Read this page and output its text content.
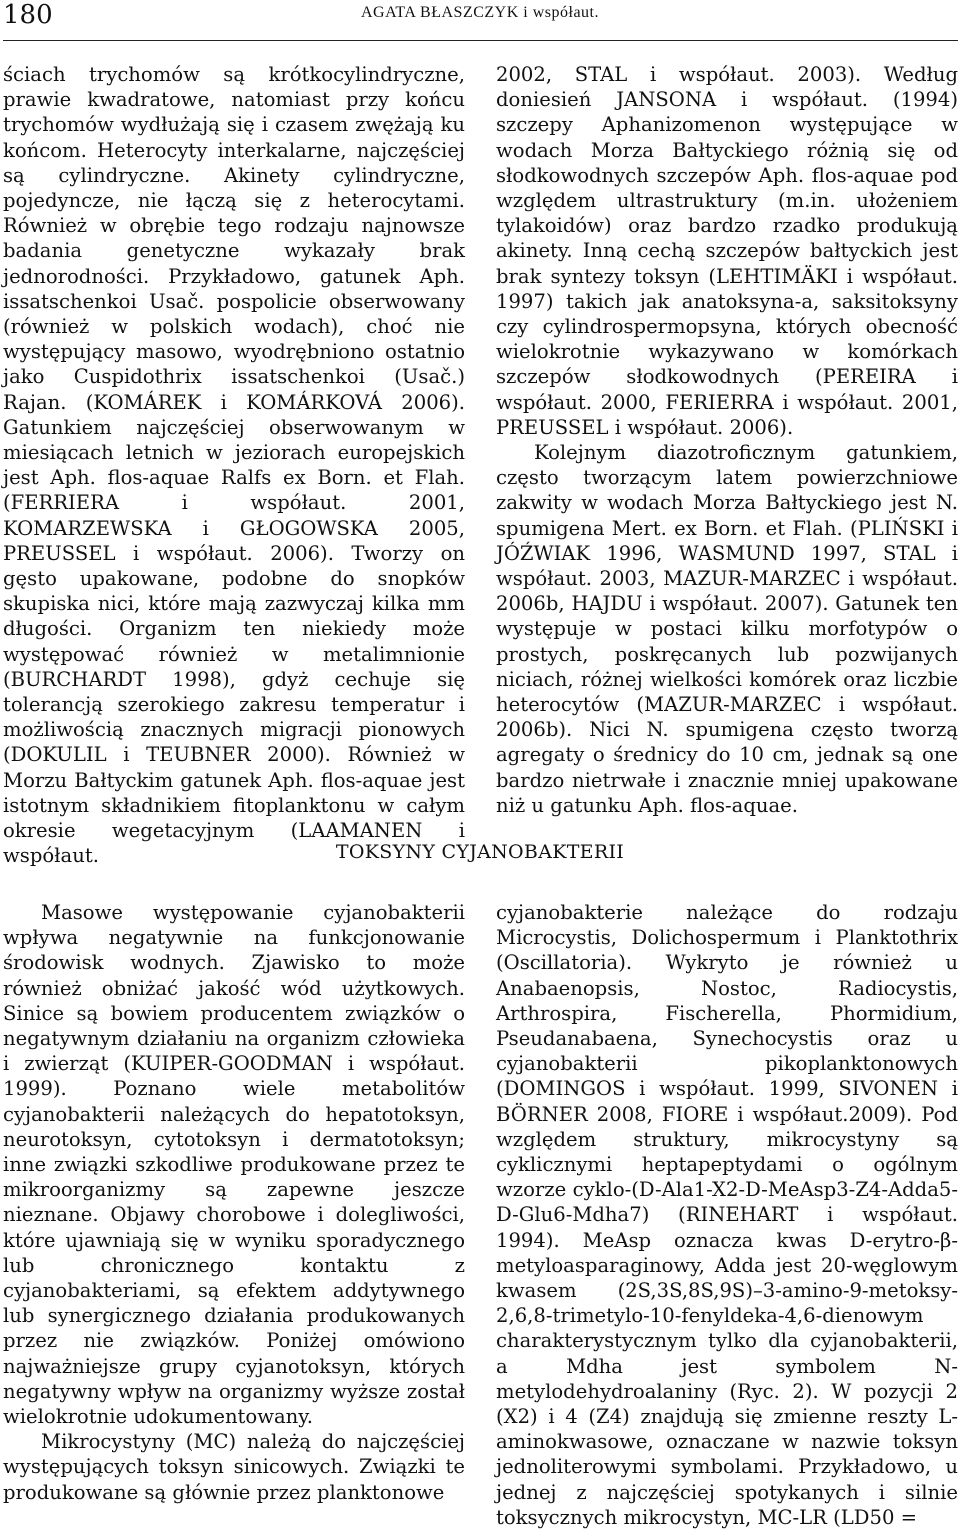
180	AGATA BŁASZCZYK i współaut.

ściach trychomów są krótkocylindryczne, prawie kwadratowe, natomiast przy końcu trychomów wydłużają się i czasem zwężają ku końcom. Heterocyty interkalarne, najczęściej są cylindryczne. Akinety cylindryczne, pojedyncze, nie łączą się z heterocytami. Również w obrębie tego rodzaju najnowsze badania genetyczne wykazały brak jednorodności. Przykładowo, gatunek Aph. issatschenkoi Usač. pospolicie obserwowany (również w polskich wodach), choć nie występujący masowo, wyodrębniono ostatnio jako Cuspidothrix issatschenkoi (Usač.) Rajan. (KOMÁREK i KOMÁRKOVÁ 2006). Gatunkiem najczęściej obserwowanym w miesiącach letnich w jeziorach europejskich jest Aph. flos-aquae Ralfs ex Born. et Flah. (FERRIERA i współaut. 2001, KOMARZEWSKA i GŁOGOWSKA 2005, PREUSSEL i współaut. 2006). Tworzy on gęsto upakowane, podobne do snopków skupiska nici, które mają zazwyczaj kilka mm długości. Organizm ten niekiedy może występować również w metalimnionie (BURCHARDT 1998), gdyż cechuje się tolerancją szerokiego zakresu temperatur i możliwością znacznych migracji pionowych (DOKULIL i TEUBNER 2000). Również w Morzu Bałtyckim gatunek Aph. flos-aquae jest istotnym składnikiem fitoplanktonu w całym okresie wegetacyjnym (LAAMANEN i współaut.

2002, STAL i współaut. 2003). Według doniesień JANSONA i współaut. (1994) szczepy Aphanizomenon występujące w wodach Morza Bałtyckiego różnią się od słodkowodnych szczepów Aph. flos-aquae pod względem ultrastruktury (m.in. ułożeniem tylakoidów) oraz bardzo rzadko produkują akinety. Inną cechą szczepów bałtyckich jest brak syntezy toksyn (LEHTIMÄKI i współaut. 1997) takich jak anatoksyna-a, saksitoksyny czy cylindrospermopsyna, których obecność wielokrotnie wykazywano w komórkach szczepów słodkowodnych (PEREIRA i współaut. 2000, FERIERRA i współaut. 2001, PREUSSEL i współaut. 2006).

Kolejnym diazotroficznym gatunkiem, często tworzącym latem powierzchniowe zakwity w wodach Morza Bałtyckiego jest N. spumigena Mert. ex Born. et Flah. (PLIŃSKI i JÓŹWIAK 1996, WASMUND 1997, STAL i współaut. 2003, MAZUR-MARZEC i współaut. 2006b, HAJDU i współaut. 2007). Gatunek ten występuje w postaci kilku morfotypów o prostych, poskręcanych lub pozwijanych niciach, różnej wielkości komórek oraz liczbie heterocytów (MAZUR-MARZEC i współaut. 2006b). Nici N. spumigena często tworzą agregaty o średnicy do 10 cm, jednak są one bardzo nietrwałe i znacznie mniej upakowane niż u gatunku Aph. flos-aquae.

TOKSYNY CYJANOBAKTERII

Masowe występowanie cyjanobakterii wpływa negatywnie na funkcjonowanie środowisk wodnych. Zjawisko to może również obniżać jakość wód użytkowych. Sinice są bowiem producentem związków o negatywnym działaniu na organizm człowieka i zwierząt (KUIPER-GOODMAN i współaut. 1999). Poznano wiele metabolitów cyjanobakterii należących do hepatotoksyn, neurotoksyn, cytotoksyn i dermatotoksyn; inne związki szkodliwe produkowane przez te mikroorganizmy są zapewne jeszcze nieznane. Objawy chorobowe i dolegliwości, które ujawniają się w wyniku sporadycznego lub chronicznego kontaktu z cyjanobakteriami, są efektem addytywnego lub synergicznego działania produkowanych przez nie związków. Poniżej omówiono najważniejsze grupy cyjanotoksyn, których negatywny wpływ na organizmy wyższe został wielokrotnie udokumentowany.

Mikrocystyny (MC) należą do najczęściej występujących toksyn sinicowych. Związki te produkowane są głównie przez planktonowe

cyjanobakterie należące do rodzaju Microcystis, Dolichospermum i Planktothrix (Oscillatoria). Wykryto je również u Anabaenopsis, Nostoc, Radiocystis, Arthrospira, Fischerella, Phormidium, Pseudanabaena, Synechocystis oraz u cyjanobakterii pikoplanktonowych (DOMINGOS i współaut. 1999, SIVONEN i BÖRNER 2008, FIORE i współaut.2009). Pod względem struktury, mikrocystyny są cyklicznymi heptapeptydami o ogólnym wzorze cyklo-(D-Ala1-X2-D-MeAsp3-Z4-Adda5-D-Glu6-Mdha7) (RINEHART i współaut. 1994). MeAsp oznacza kwas D-erytro-β-metyloasparaginowy, Adda jest 20-węglowym kwasem (2S,3S,8S,9S)–3-amino-9-metoksy-2,6,8-trimetylo-10-fenyldeka-4,6-dienowym charakterystycznym tylko dla cyjanobakterii, a Mdha jest symbolem N-metylodehydroalaniny (Ryc. 2). W pozycji 2 (X2) i 4 (Z4) znajdują się zmienne reszty L-aminokwasowe, oznaczane w nazwie toksyn jednoliterowymi symbolami. Przykładowo, u jednej z najczęściej spotykanych i silnie toksycznych mikrocystyn, MC-LR (LD50 =
